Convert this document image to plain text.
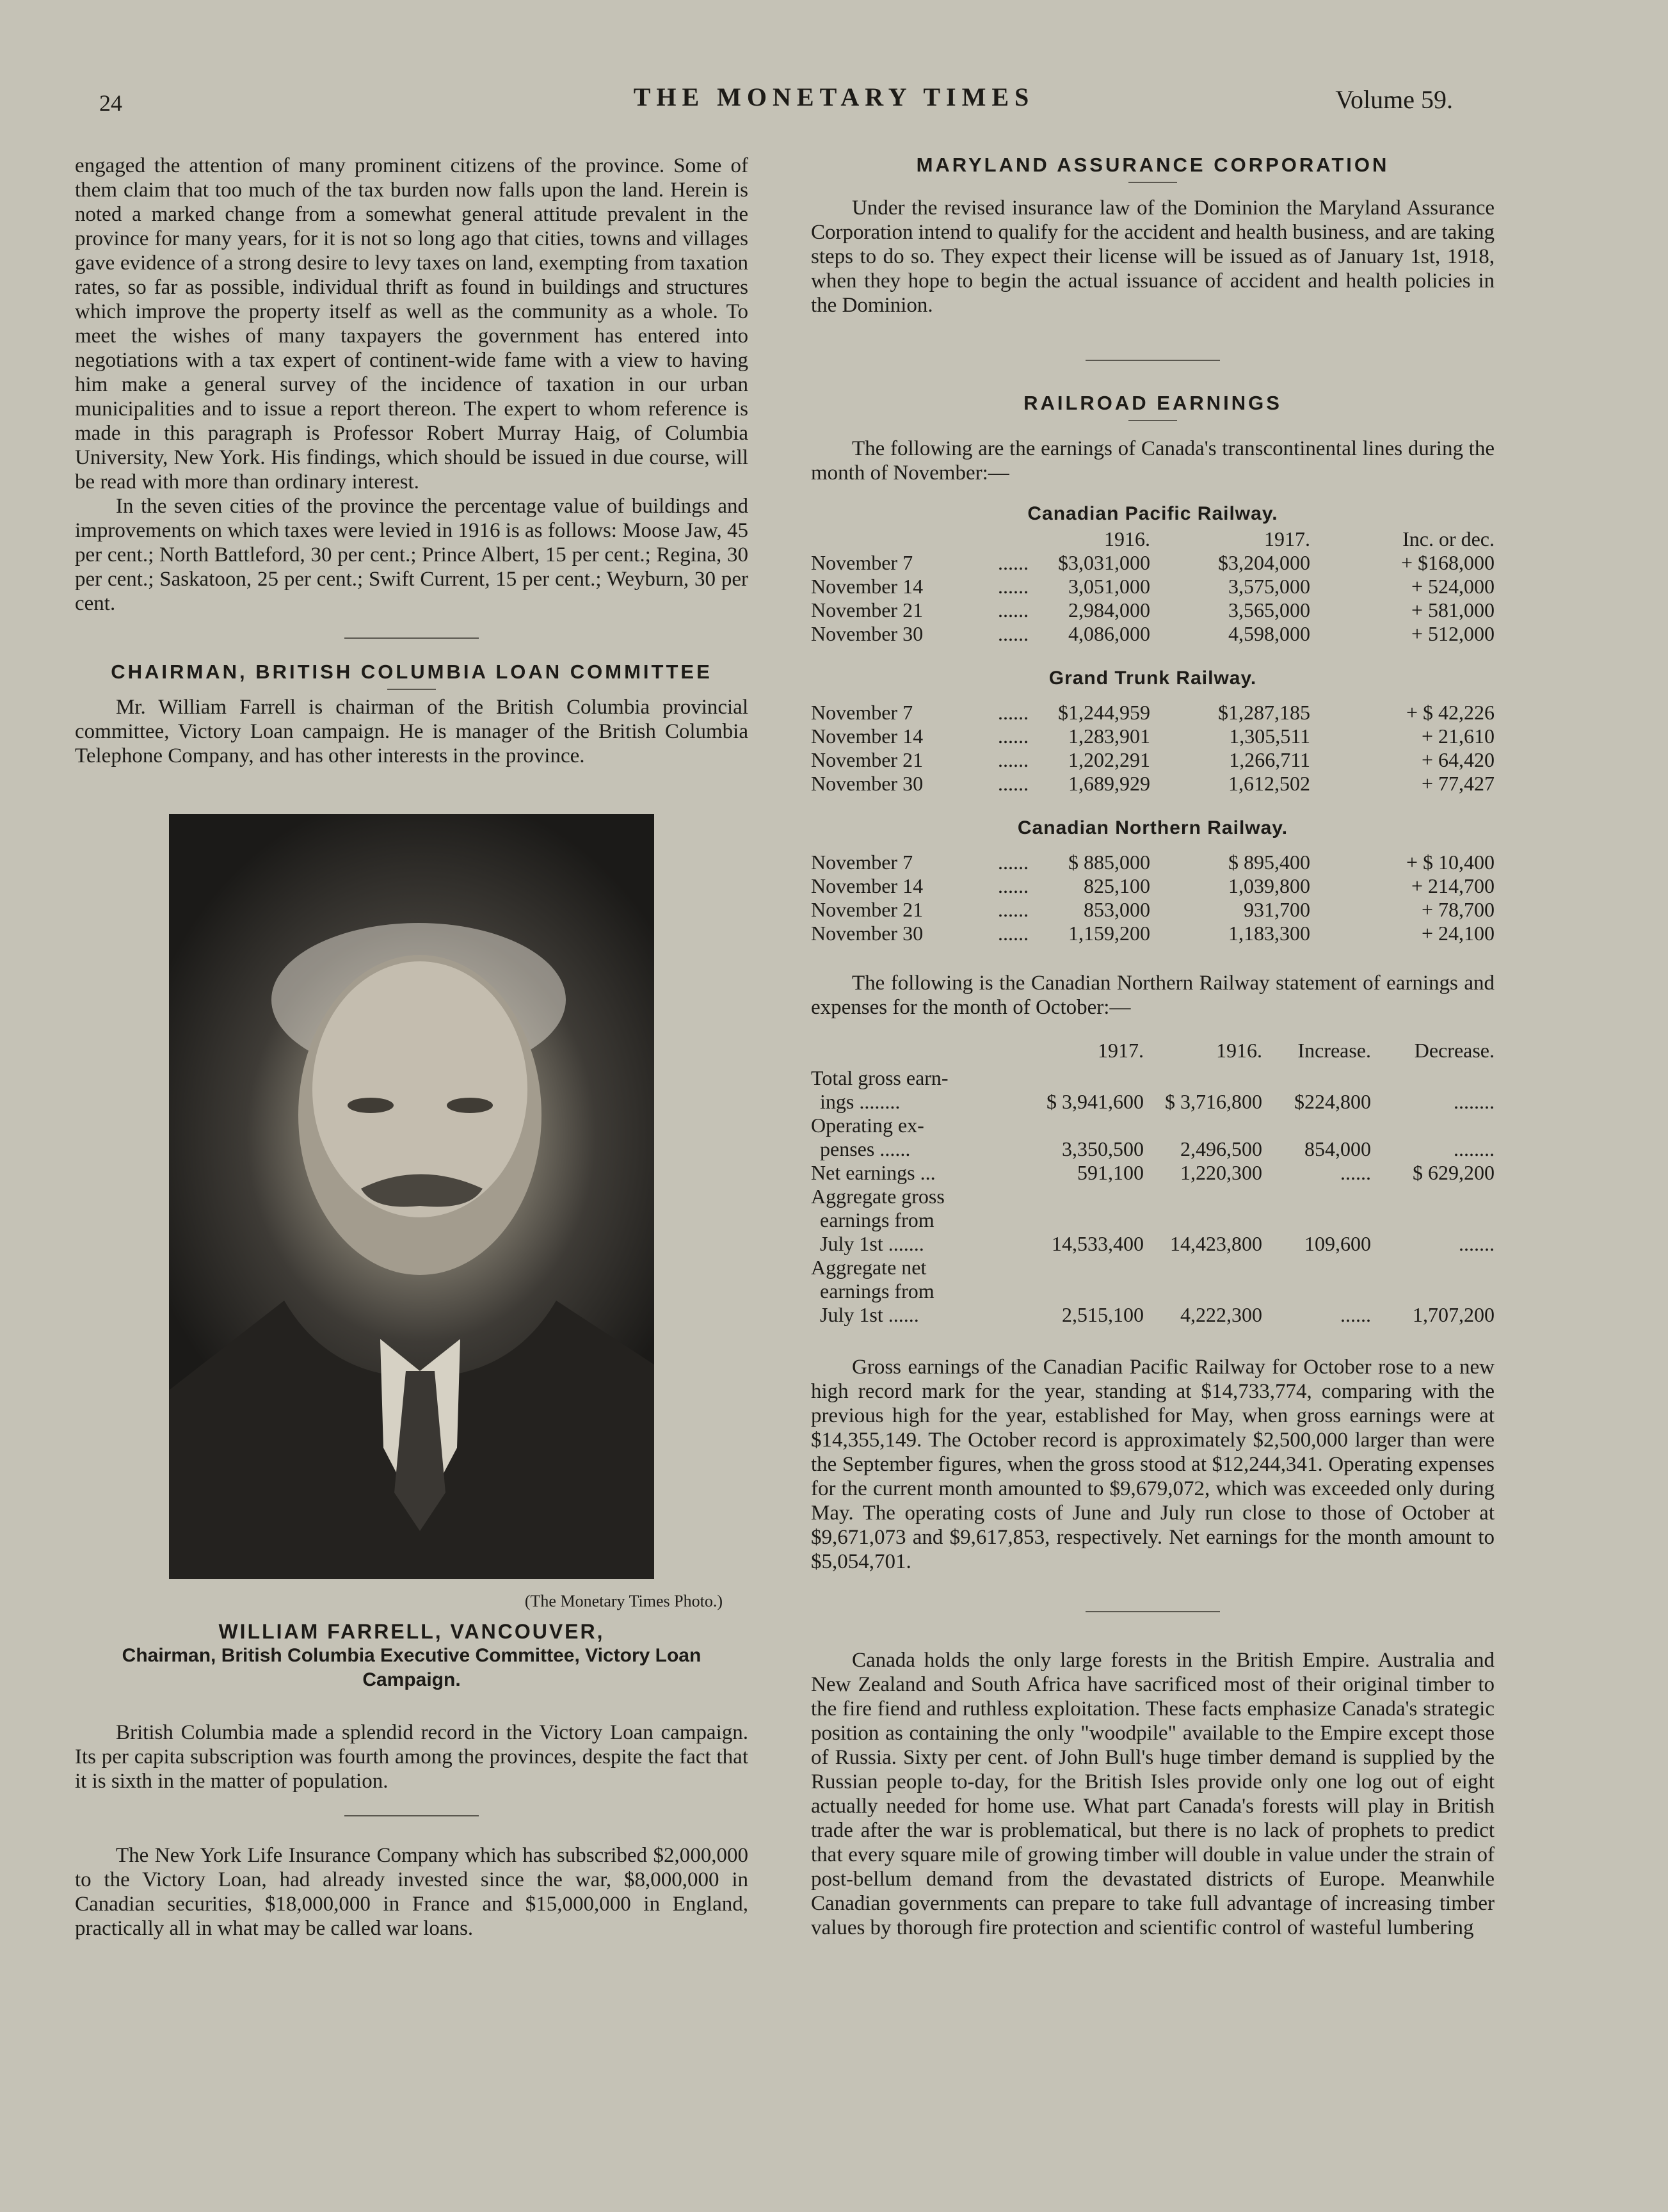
24	THE MONETARY TIMES	Volume 59.

engaged the attention of many prominent citizens of the province. Some of them claim that too much of the tax burden now falls upon the land. Herein is noted a marked change from a somewhat general attitude prevalent in the province for many years, for it is not so long ago that cities, towns and villages gave evidence of a strong desire to levy taxes on land, exempting from taxation rates, so far as possible, individual thrift as found in buildings and structures which improve the property itself as well as the community as a whole. To meet the wishes of many taxpayers the government has entered into negotiations with a tax expert of continent-wide fame with a view to having him make a general survey of the incidence of taxation in our urban municipalities and to issue a report thereon. The expert to whom reference is made in this paragraph is Professor Robert Murray Haig, of Columbia University, New York. His findings, which should be issued in due course, will be read with more than ordinary interest.

In the seven cities of the province the percentage value of buildings and improvements on which taxes were levied in 1916 is as follows: Moose Jaw, 45 per cent.; North Battleford, 30 per cent.; Prince Albert, 15 per cent.; Regina, 30 per cent.; Saskatoon, 25 per cent.; Swift Current, 15 per cent.; Weyburn, 30 per cent.

CHAIRMAN, BRITISH COLUMBIA LOAN COMMITTEE

Mr. William Farrell is chairman of the British Columbia provincial committee, Victory Loan campaign. He is manager of the British Columbia Telephone Company, and has other interests in the province.

(The Monetary Times Photo.)
WILLIAM FARRELL, VANCOUVER,
Chairman, British Columbia Executive Committee, Victory Loan Campaign.

British Columbia made a splendid record in the Victory Loan campaign. Its per capita subscription was fourth among the provinces, despite the fact that it is sixth in the matter of population.

The New York Life Insurance Company which has subscribed $2,000,000 to the Victory Loan, had already invested since the war, $8,000,000 in Canadian securities, $18,000,000 in France and $15,000,000 in England, practically all in what may be called war loans.

MARYLAND ASSURANCE CORPORATION

Under the revised insurance law of the Dominion the Maryland Assurance Corporation intend to qualify for the accident and health business, and are taking steps to do so. They expect their license will be issued as of January 1st, 1918, when they hope to begin the actual issuance of accident and health policies in the Dominion.

RAILROAD EARNINGS

The following are the earnings of Canada's transcontinental lines during the month of November:—

Canadian Pacific Railway.
		1916.	1917.	Inc. or dec.
November 7	......	$3,031,000	$3,204,000	+ $168,000
November 14	......	3,051,000	3,575,000	+ 524,000
November 21	......	2,984,000	3,565,000	+ 581,000
November 30	......	4,086,000	4,598,000	+ 512,000
Grand Trunk Railway.
November 7	......	$1,244,959	$1,287,185	+ $ 42,226
November 14	......	1,283,901	1,305,511	+ 21,610
November 21	......	1,202,291	1,266,711	+ 64,420
November 30	......	1,689,929	1,612,502	+ 77,427
Canadian Northern Railway.
November 7	......	$ 885,000	$ 895,400	+ $ 10,400
November 14	......	825,100	1,039,800	+ 214,700
November 21	......	853,000	931,700	+ 78,700
November 30	......	1,159,200	1,183,300	+ 24,100

The following is the Canadian Northern Railway statement of earnings and expenses for the month of October:—

	1917.	1916.	Increase.	Decrease.

Total gross earn-
ings ........	$ 3,941,600	$ 3,716,800	$224,800	........

Operating ex-
penses ......	3,350,500	2,496,500	854,000	........

Net earnings ...	591,100	1,220,300	......	$ 629,200

Aggregate gross
earnings from
July 1st .......	14,533,400	14,423,800	109,600	.......

Aggregate net
earnings from
July 1st ......	2,515,100	4,222,300	......	1,707,200

Gross earnings of the Canadian Pacific Railway for October rose to a new high record mark for the year, standing at $14,733,774, comparing with the previous high for the year, established for May, when gross earnings were at $14,355,149. The October record is approximately $2,500,000 larger than were the September figures, when the gross stood at $12,244,341. Operating expenses for the current month amounted to $9,679,072, which was exceeded only during May. The operating costs of June and July run close to those of October at $9,671,073 and $9,617,853, respectively. Net earnings for the month amount to $5,054,701.

Canada holds the only large forests in the British Empire. Australia and New Zealand and South Africa have sacrificed most of their original timber to the fire fiend and ruthless exploitation. These facts emphasize Canada's strategic position as containing the only "woodpile" available to the Empire except those of Russia. Sixty per cent. of John Bull's huge timber demand is supplied by the Russian people to-day, for the British Isles provide only one log out of eight actually needed for home use. What part Canada's forests will play in British trade after the war is problematical, but there is no lack of prophets to predict that every square mile of growing timber will double in value under the strain of post-bellum demand from the devastated districts of Europe. Meanwhile Canadian governments can prepare to take full advantage of increasing timber values by thorough fire protection and scientific control of wasteful lumbering
